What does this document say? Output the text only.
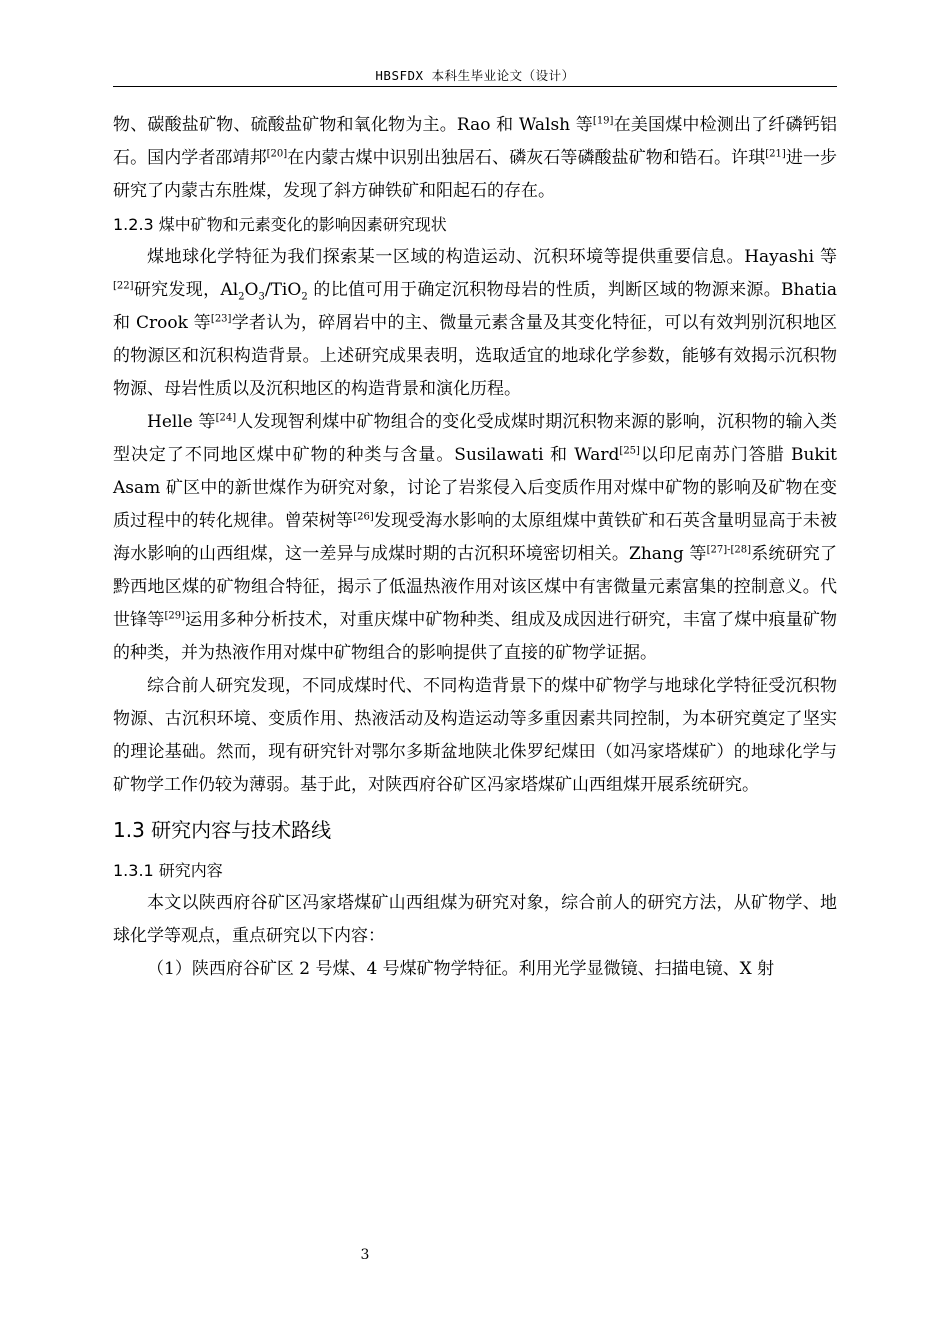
HBSFDX 本科生毕业论文（设计）

物、碳酸盐矿物、硫酸盐矿物和氧化物为主。Rao 和 Walsh 等[19]在美国煤中检测出了纤磷钙铝石。国内学者邵靖邦[20]在内蒙古煤中识别出独居石、磷灰石等磷酸盐矿物和锆石。许琪[21]进一步研究了内蒙古东胜煤，发现了斜方砷铁矿和阳起石的存在。

1.2.3 煤中矿物和元素变化的影响因素研究现状

煤地球化学特征为我们探索某一区域的构造运动、沉积环境等提供重要信息。Hayashi 等[22]研究发现，$Al_2O_3/TiO_2$ 的比值可用于确定沉积物母岩的性质，判断区域的物源来源。Bhatia 和 Crook 等[23]学者认为，碎屑岩中的主、微量元素含量及其变化特征，可以有效判别沉积地区的物源区和沉积构造背景。上述研究成果表明，选取适宜的地球化学参数，能够有效揭示沉积物物源、母岩性质以及沉积地区的构造背景和演化历程。

Helle 等[24]人发现智利煤中矿物组合的变化受成煤时期沉积物来源的影响，沉积物的输入类型决定了不同地区煤中矿物的种类与含量。Susilawati 和 Ward[25]以印尼南苏门答腊 Bukit Asam 矿区中的新世煤作为研究对象，讨论了岩浆侵入后变质作用对煤中矿物的影响及矿物在变质过程中的转化规律。曾荣树等[26]发现受海水影响的太原组煤中黄铁矿和石英含量明显高于未被海水影响的山西组煤，这一差异与成煤时期的古沉积环境密切相关。Zhang 等[27]-[28]系统研究了黔西地区煤的矿物组合特征，揭示了低温热液作用对该区煤中有害微量元素富集的控制意义。代世锋等[29]运用多种分析技术，对重庆煤中矿物种类、组成及成因进行研究，丰富了煤中痕量矿物的种类，并为热液作用对煤中矿物组合的影响提供了直接的矿物学证据。

综合前人研究发现，不同成煤时代、不同构造背景下的煤中矿物学与地球化学特征受沉积物物源、古沉积环境、变质作用、热液活动及构造运动等多重因素共同控制，为本研究奠定了坚实的理论基础。然而，现有研究针对鄂尔多斯盆地陕北侏罗纪煤田（如冯家塔煤矿）的地球化学与矿物学工作仍较为薄弱。基于此，对陕西府谷矿区冯家塔煤矿山西组煤开展系统研究。

1.3 研究内容与技术路线

1.3.1 研究内容

本文以陕西府谷矿区冯家塔煤矿山西组煤为研究对象，综合前人的研究方法，从矿物学、地球化学等观点，重点研究以下内容：

（1）陕西府谷矿区 2 号煤、4 号煤矿物学特征。利用光学显微镜、扫描电镜、X 射

3
